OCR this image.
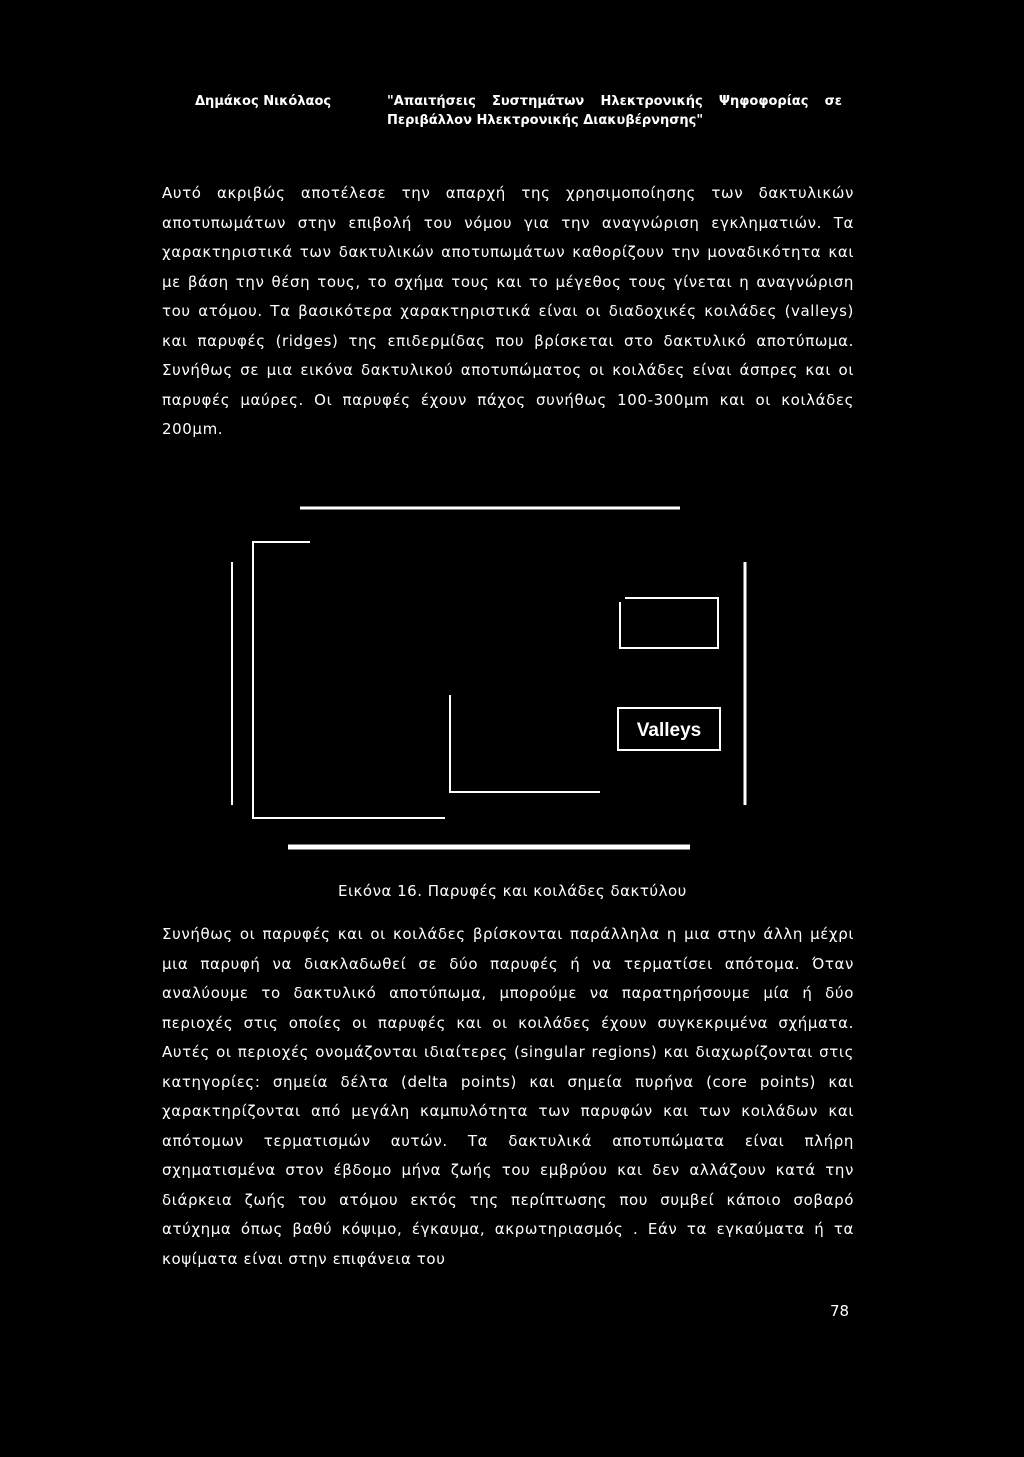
Δημάκος Νικόλαος	"Απαιτήσεις Συστημάτων Ηλεκτρονικής Ψηφοφορίας σε
Περιβάλλον Ηλεκτρονικής Διακυβέρνησης"

Αυτό ακριβώς αποτέλεσε την απαρχή της χρησιμοποίησης των δακτυλικών αποτυπωμάτων στην επιβολή του νόμου για την αναγνώριση εγκληματιών. Τα χαρακτηριστικά των δακτυλικών αποτυπωμάτων καθορίζουν την μοναδικότητα και με βάση την θέση τους, το σχήμα τους και το μέγεθος τους γίνεται η αναγνώριση του ατόμου. Τα βασικότερα χαρακτηριστικά είναι οι διαδοχικές κοιλάδες (valleys) και παρυφές (ridges) της επιδερμίδας που βρίσκεται στο δακτυλικό αποτύπωμα. Συνήθως σε μια εικόνα δακτυλικού αποτυπώματος οι κοιλάδες είναι άσπρες και οι παρυφές μαύρες. Οι παρυφές έχουν πάχος συνήθως 100-300μm και οι κοιλάδες 200μm.

Valleys
Εικόνα 16. Παρυφές και κοιλάδες δακτύλου

Συνήθως οι παρυφές και οι κοιλάδες βρίσκονται παράλληλα η μια στην άλλη μέχρι μια παρυφή να διακλαδωθεί σε δύο παρυφές ή να τερματίσει απότομα. Όταν αναλύουμε το δακτυλικό αποτύπωμα, μπορούμε να παρατηρήσουμε μία ή δύο περιοχές στις οποίες οι παρυφές και οι κοιλάδες έχουν συγκεκριμένα σχήματα. Αυτές οι περιοχές ονομάζονται ιδιαίτερες (singular regions) και διαχωρίζονται στις κατηγορίες: σημεία δέλτα (delta points) και σημεία πυρήνα (core points) και χαρακτηρίζονται από μεγάλη καμπυλότητα των παρυφών και των κοιλάδων και απότομων τερματισμών αυτών. Τα δακτυλικά αποτυπώματα είναι πλήρη σχηματισμένα στον έβδομο μήνα ζωής του εμβρύου και δεν αλλάζουν κατά την διάρκεια ζωής του ατόμου εκτός της περίπτωσης που συμβεί κάποιο σοβαρό ατύχημα όπως βαθύ κόψιμο, έγκαυμα, ακρωτηριασμός . Εάν τα εγκαύματα ή τα κοψίματα είναι στην επιφάνεια του

78
